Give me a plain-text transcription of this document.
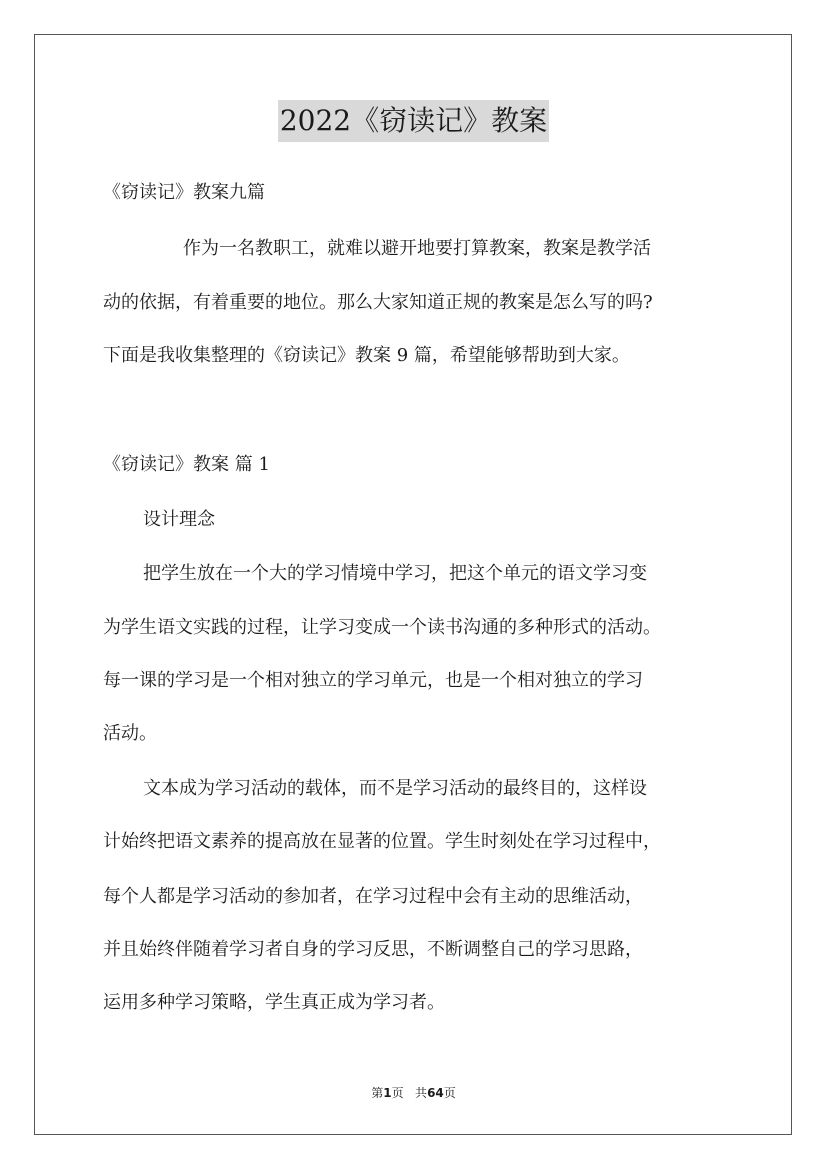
2022《窃读记》教案
《窃读记》教案九篇
作为一名教职工，就难以避开地要打算教案，教案是教学活
动的依据，有着重要的地位。那么大家知道正规的教案是怎么写的吗?
下面是我收集整理的《窃读记》教案 9 篇，希望能够帮助到大家。
《窃读记》教案 篇 1
设计理念
把学生放在一个大的学习情境中学习，把这个单元的语文学习变
为学生语文实践的过程，让学习变成一个读书沟通的多种形式的活动。
每一课的学习是一个相对独立的学习单元，也是一个相对独立的学习
活动。
文本成为学习活动的载体，而不是学习活动的最终目的，这样设
计始终把语文素养的提高放在显著的位置。学生时刻处在学习过程中，
每个人都是学习活动的参加者，在学习过程中会有主动的思维活动，
并且始终伴随着学习者自身的学习反思，不断调整自己的学习思路，
运用多种学习策略，学生真正成为学习者。
第1页 共64页
